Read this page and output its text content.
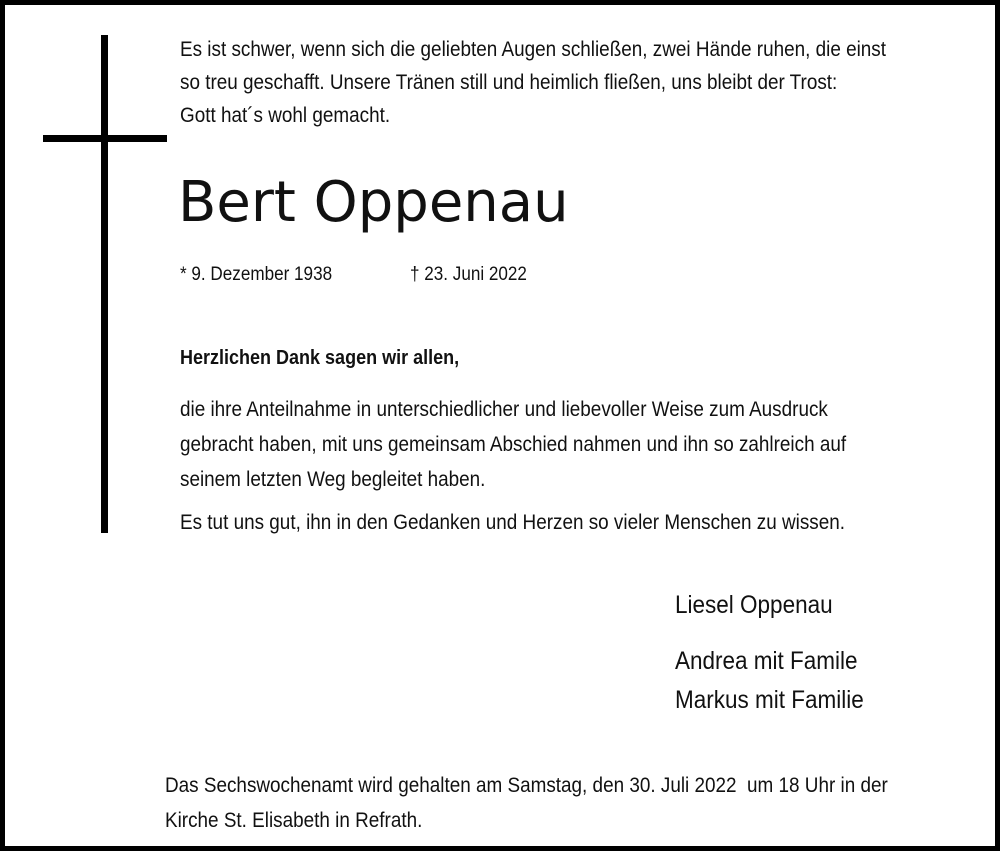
Es ist schwer, wenn sich die geliebten Augen schließen, zwei Hände ruhen, die einst
so treu geschafft. Unsere Tränen still und heimlich fließen, uns bleibt der Trost:
Gott hat´s wohl gemacht.
Bert Oppenau
* 9. Dezember 1938	† 23. Juni 2022
Herzlichen Dank sagen wir allen,
die ihre Anteilnahme in unterschiedlicher und liebevoller Weise zum Ausdruck
gebracht haben, mit uns gemeinsam Abschied nahmen und ihn so zahlreich auf
seinem letzten Weg begleitet haben.
Es tut uns gut, ihn in den Gedanken und Herzen so vieler Menschen zu wissen.
Liesel Oppenau
Andrea mit Famile
Markus mit Familie
Das Sechswochenamt wird gehalten am Samstag, den 30. Juli 2022  um 18 Uhr in der
Kirche St. Elisabeth in Refrath.
